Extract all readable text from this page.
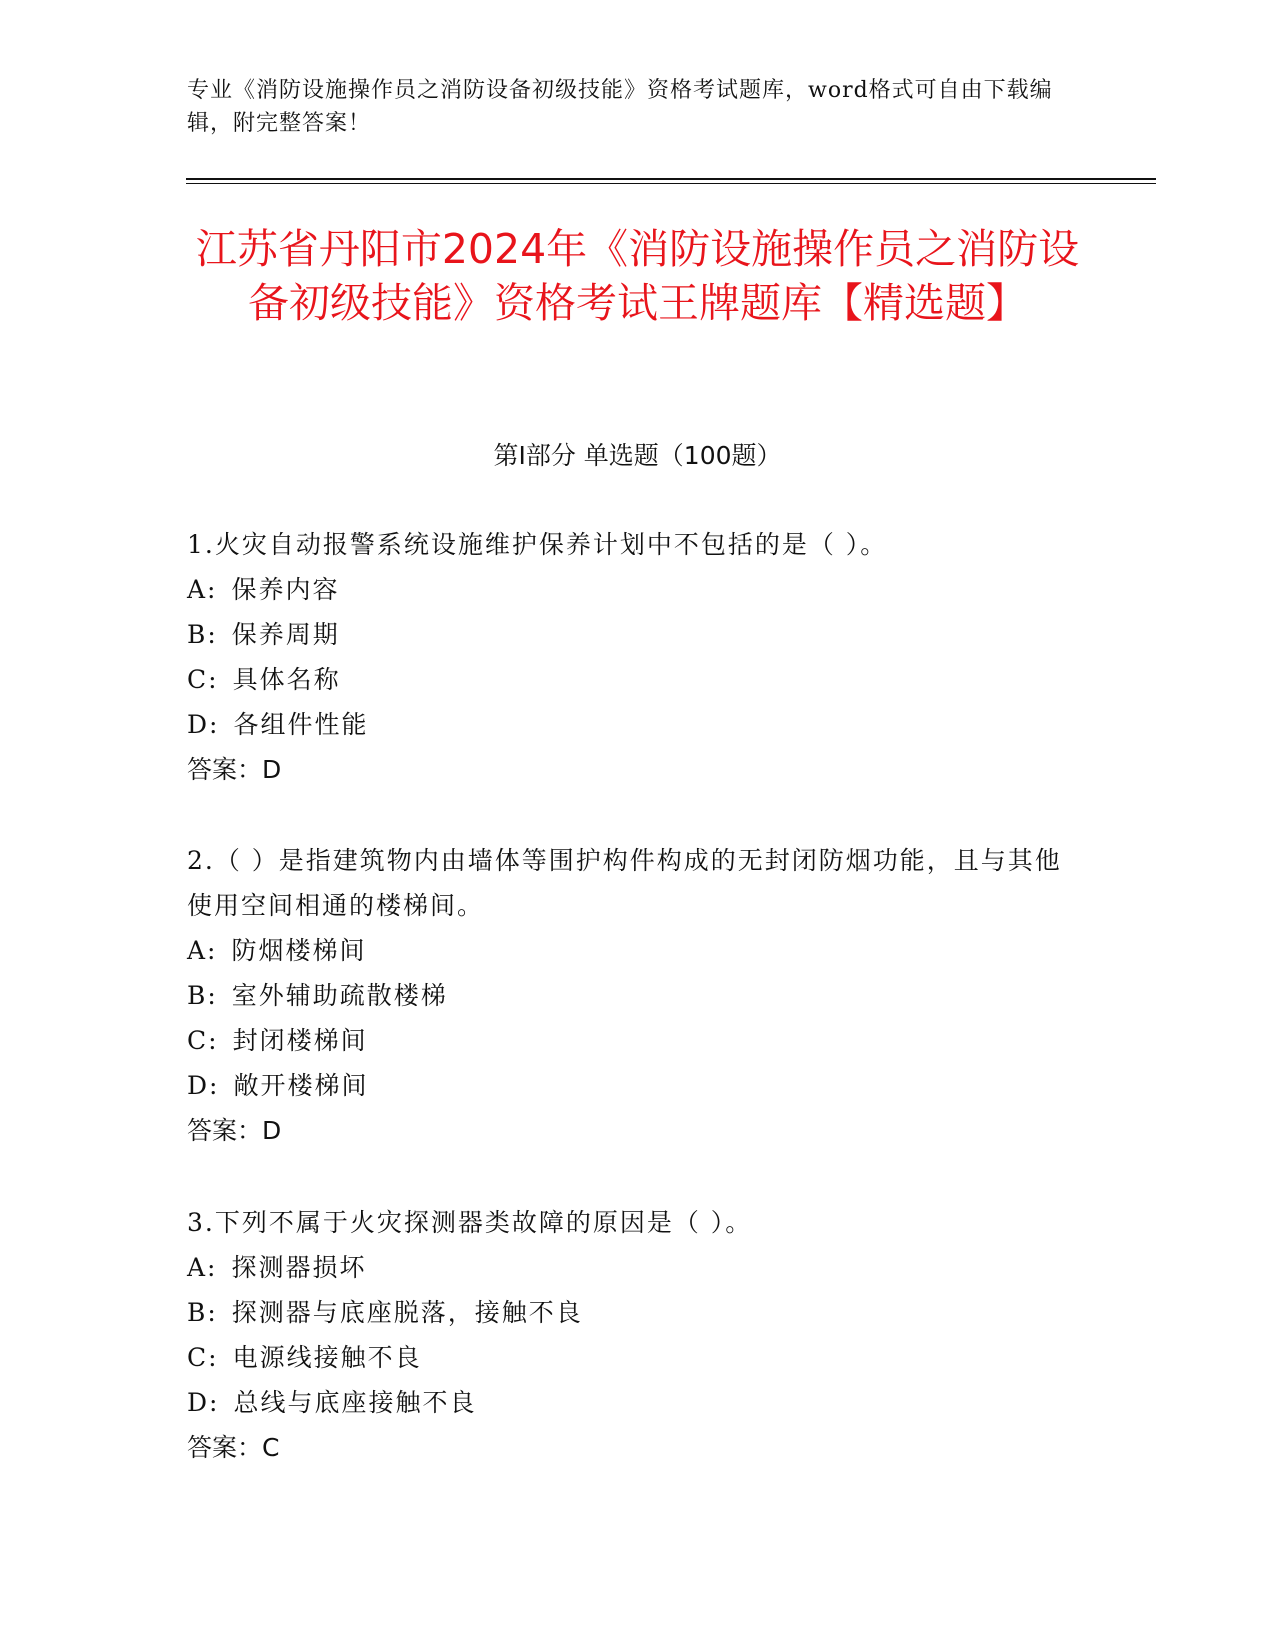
专业《消防设施操作员之消防设备初级技能》资格考试题库，word格式可自由下载编辑，附完整答案！
江苏省丹阳市2024年《消防设施操作员之消防设备初级技能》资格考试王牌题库【精选题】
第Ⅰ部分 单选题（100题）

1.火灾自动报警系统设施维护保养计划中不包括的是（ ）。

A: 保养内容

B: 保养周期

C: 具体名称

D: 各组件性能

答案：D

2.（ ）是指建筑物内由墙体等围护构件构成的无封闭防烟功能，且与其他使用空间相通的楼梯间。

A: 防烟楼梯间

B: 室外辅助疏散楼梯

C: 封闭楼梯间

D: 敞开楼梯间

答案：D

3.下列不属于火灾探测器类故障的原因是（ ）。

A: 探测器损坏

B: 探测器与底座脱落，接触不良

C: 电源线接触不良

D: 总线与底座接触不良

答案：C
